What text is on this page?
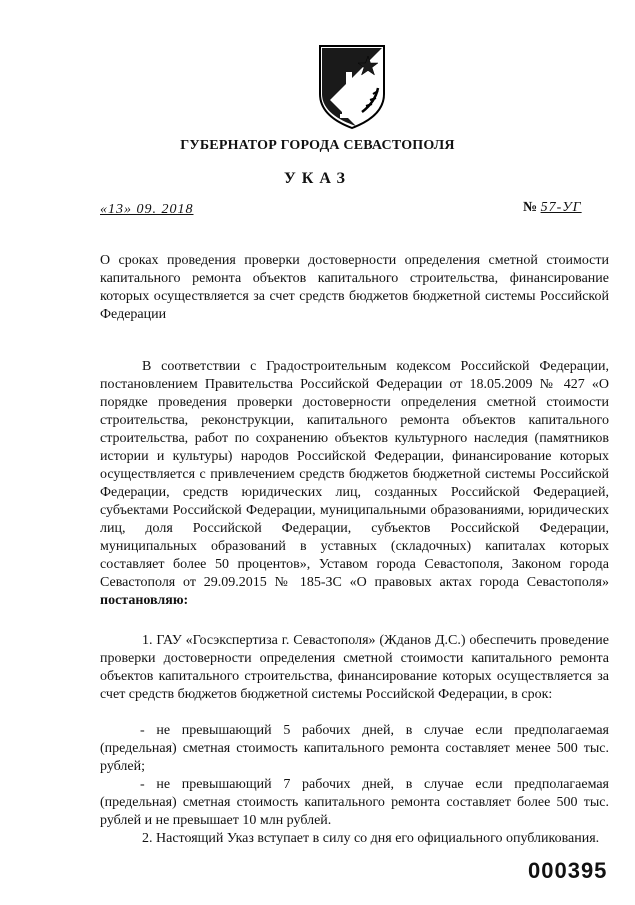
ГУБЕРНАТОР ГОРОДА СЕВАСТОПОЛЯ
УКАЗ
«13» 09. 2018	№ 57-УГ
О сроках проведения проверки достоверности определения сметной стоимости капитального ремонта объектов капитального строительства, финансирование которых осуществляется за счет средств бюджетов бюджетной системы Российской Федерации
В соответствии с Градостроительным кодексом Российской Федерации, постановлением Правительства Российской Федерации от 18.05.2009 № 427 «О порядке проведения проверки достоверности определения сметной стоимости строительства, реконструкции, капитального ремонта объектов капитального строительства, работ по сохранению объектов культурного наследия (памятников истории и культуры) народов Российской Федерации, финансирование которых осуществляется с привлечением средств бюджетов бюджетной системы Российской Федерации, средств юридических лиц, созданных Российской Федерацией, субъектами Российской Федерации, муниципальными образованиями, юридических лиц, доля Российской Федерации, субъектов Российской Федерации, муниципальных образований в уставных (складочных) капиталах которых составляет более 50 процентов», Уставом города Севастополя, Законом города Севастополя от 29.09.2015 № 185-ЗС «О правовых актах города Севастополя» постановляю:
1. ГАУ «Госэкспертиза г. Севастополя» (Жданов Д.С.) обеспечить проведение проверки достоверности определения сметной стоимости капитального ремонта объектов капитального строительства, финансирование которых осуществляется за счет средств бюджетов бюджетной системы Российской Федерации, в срок:
- не превышающий 5 рабочих дней, в случае если предполагаемая (предельная) сметная стоимость капитального ремонта составляет менее 500 тыс. рублей;
- не превышающий 7 рабочих дней, в случае если предполагаемая (предельная) сметная стоимость капитального ремонта составляет более 500 тыс. рублей и не превышает 10 млн рублей.
2. Настоящий Указ вступает в силу со дня его официального опубликования.
000395
